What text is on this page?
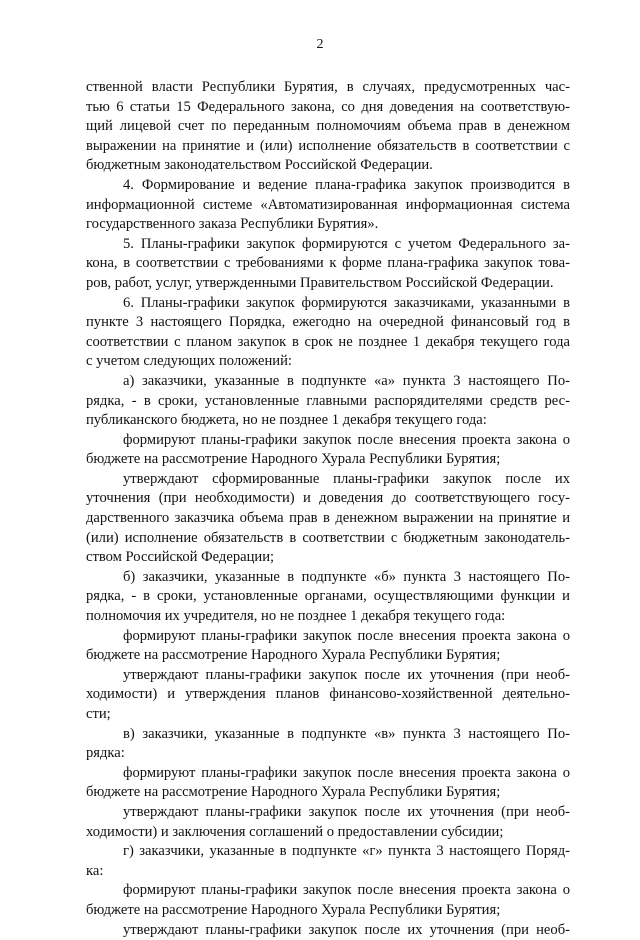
2
ственной власти Республики Бурятия, в случаях, предусмотренных час-
тью 6 статьи 15 Федерального закона, со дня доведения на соответствую-
щий лицевой счет по переданным полномочиям объема прав в денежном
выражении на принятие и (или) исполнение обязательств в соответствии с
бюджетным законодательством Российской Федерации.
4. Формирование и ведение плана-графика закупок производится в
информационной системе «Автоматизированная информационная система
государственного заказа Республики Бурятия».
5. Планы-графики закупок формируются с учетом Федерального за-
кона, в соответствии с требованиями к форме плана-графика закупок това-
ров, работ, услуг, утвержденными Правительством Российской Федерации.
6. Планы-графики закупок формируются заказчиками, указанными в
пункте 3 настоящего Порядка, ежегодно на очередной финансовый год в
соответствии с планом закупок в срок не позднее 1 декабря текущего года
с учетом следующих положений:
а) заказчики, указанные в подпункте «а» пункта 3 настоящего По-
рядка, - в сроки, установленные главными распорядителями средств рес-
публиканского бюджета, но не позднее 1 декабря текущего года:
формируют планы-графики закупок после внесения проекта закона о
бюджете на рассмотрение Народного Хурала Республики Бурятия;
утверждают сформированные планы-графики закупок после их
уточнения (при необходимости) и доведения до соответствующего госу-
дарственного заказчика объема прав в денежном выражении на принятие и
(или) исполнение обязательств в соответствии с бюджетным законодатель-
ством Российской Федерации;
б) заказчики, указанные в подпункте «б» пункта 3 настоящего По-
рядка, - в сроки, установленные органами, осуществляющими функции и
полномочия их учредителя, но не позднее 1 декабря текущего года:
формируют планы-графики закупок после внесения проекта закона о
бюджете на рассмотрение Народного Хурала Республики Бурятия;
утверждают планы-графики закупок после их уточнения (при необ-
ходимости) и утверждения планов финансово-хозяйственной деятельно-
сти;
в) заказчики, указанные в подпункте «в» пункта 3 настоящего По-
рядка:
формируют планы-графики закупок после внесения проекта закона о
бюджете на рассмотрение Народного Хурала Республики Бурятия;
утверждают планы-графики закупок после их уточнения (при необ-
ходимости) и заключения соглашений о предоставлении субсидии;
г) заказчики, указанные в подпункте «г» пункта 3 настоящего Поряд-
ка:
формируют планы-графики закупок после внесения проекта закона о
бюджете на рассмотрение Народного Хурала Республики Бурятия;
утверждают планы-графики закупок после их уточнения (при необ-
